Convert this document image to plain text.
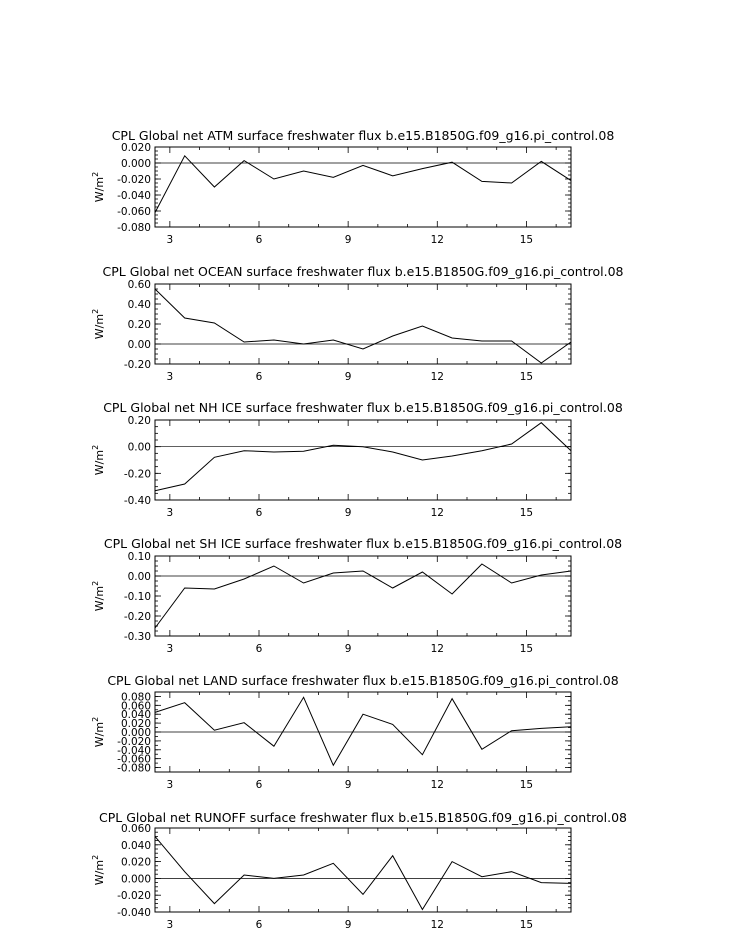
CPL Global net ATM surface freshwater flux b.e15.B1850G.f09_g16.pi_control.08
3	6	9	12	15
-0.080
-0.060
-0.040
-0.020
0.000
0.020
$W/m^2$
CPL Global net OCEAN surface freshwater flux b.e15.B1850G.f09_g16.pi_control.08
3	6	9	12	15
-0.20
0.00
0.20
0.40
0.60
$W/m^2$
CPL Global net NH ICE surface freshwater flux b.e15.B1850G.f09_g16.pi_control.08
3	6	9	12	15
-0.40
-0.20
0.00
0.20
$W/m^2$
CPL Global net SH ICE surface freshwater flux b.e15.B1850G.f09_g16.pi_control.08
3	6	9	12	15
-0.30
-0.20
-0.10
0.00
0.10
$W/m^2$
CPL Global net LAND surface freshwater flux b.e15.B1850G.f09_g16.pi_control.08
3	6	9	12	15
-0.080
-0.040
0.000
0.040
0.080
-0.060
-0.020
0.020
0.060
$W/m^2$
CPL Global net RUNOFF surface freshwater flux b.e15.B1850G.f09_g16.pi_control.08
3	6	9	12	15
-0.040
-0.020
0.000
0.020
0.040
0.060
$W/m^2$
